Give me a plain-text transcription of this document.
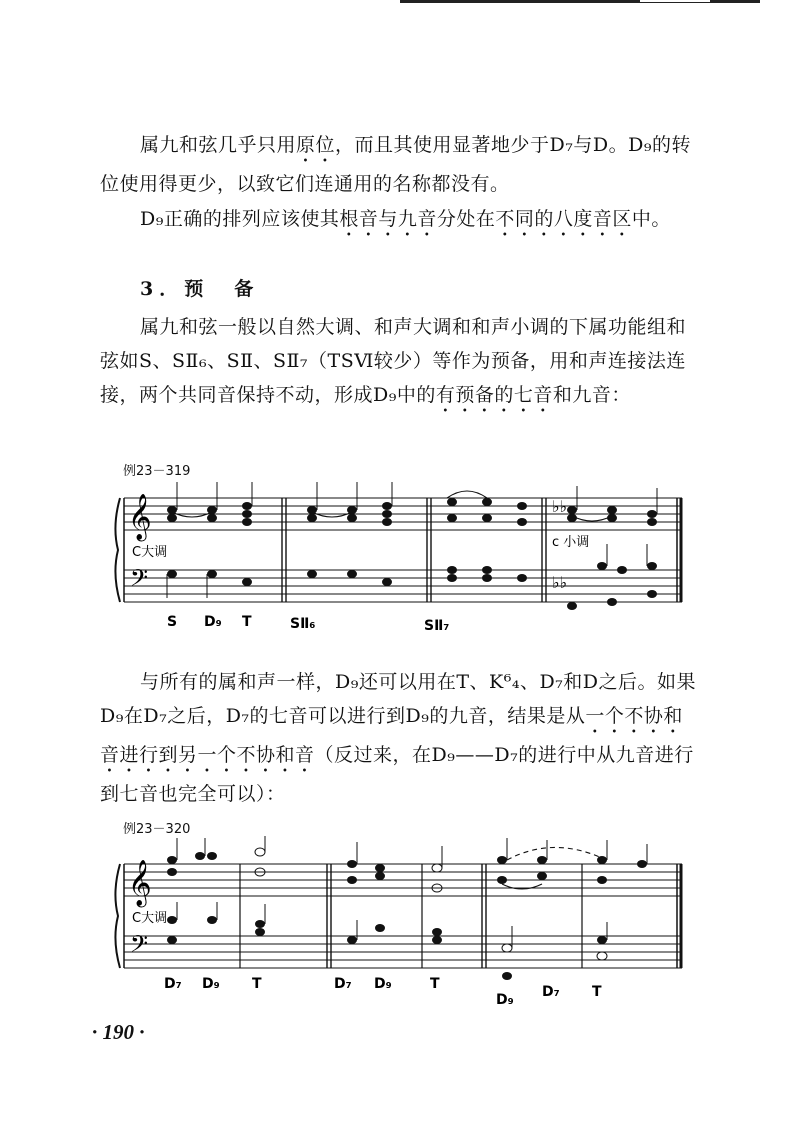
属九和弦几乎只用原位，而且其使用显著地少于D₇与D。D₉的转位使用得更少，以致它们连通用的名称都没有。
D₉正确的排列应该使其根音与九音分处在不同的八度音区中。
3．预　备
属九和弦一般以自然大调、和声大调和和声小调的下属功能组和弦如S、SⅡ₆、SⅡ、SⅡ₇（TSⅥ较少）等作为预备，用和声连接法连接，两个共同音保持不动，形成D₉中的有预备的七音和九音：
例23－319
𝄞
𝄢
♭♭
♭♭
C大调
c 小调
S D₉ T	SⅡ₆	SⅡ₇
与所有的属和声一样，D₉还可以用在T、K⁶₄、D₇和D之后。如果D₉在D₇之后，D₇的七音可以进行到D₉的九音，结果是从一个不协和音进行到另一个不协和音（反过来，在D₉——D₇的进行中从九音进行到七音也完全可以）：
例23－320
𝄞
𝄢
C大调
D₇ D₉ T	D₇ D₉	T
D₉ D₇ T
· 190 ·
